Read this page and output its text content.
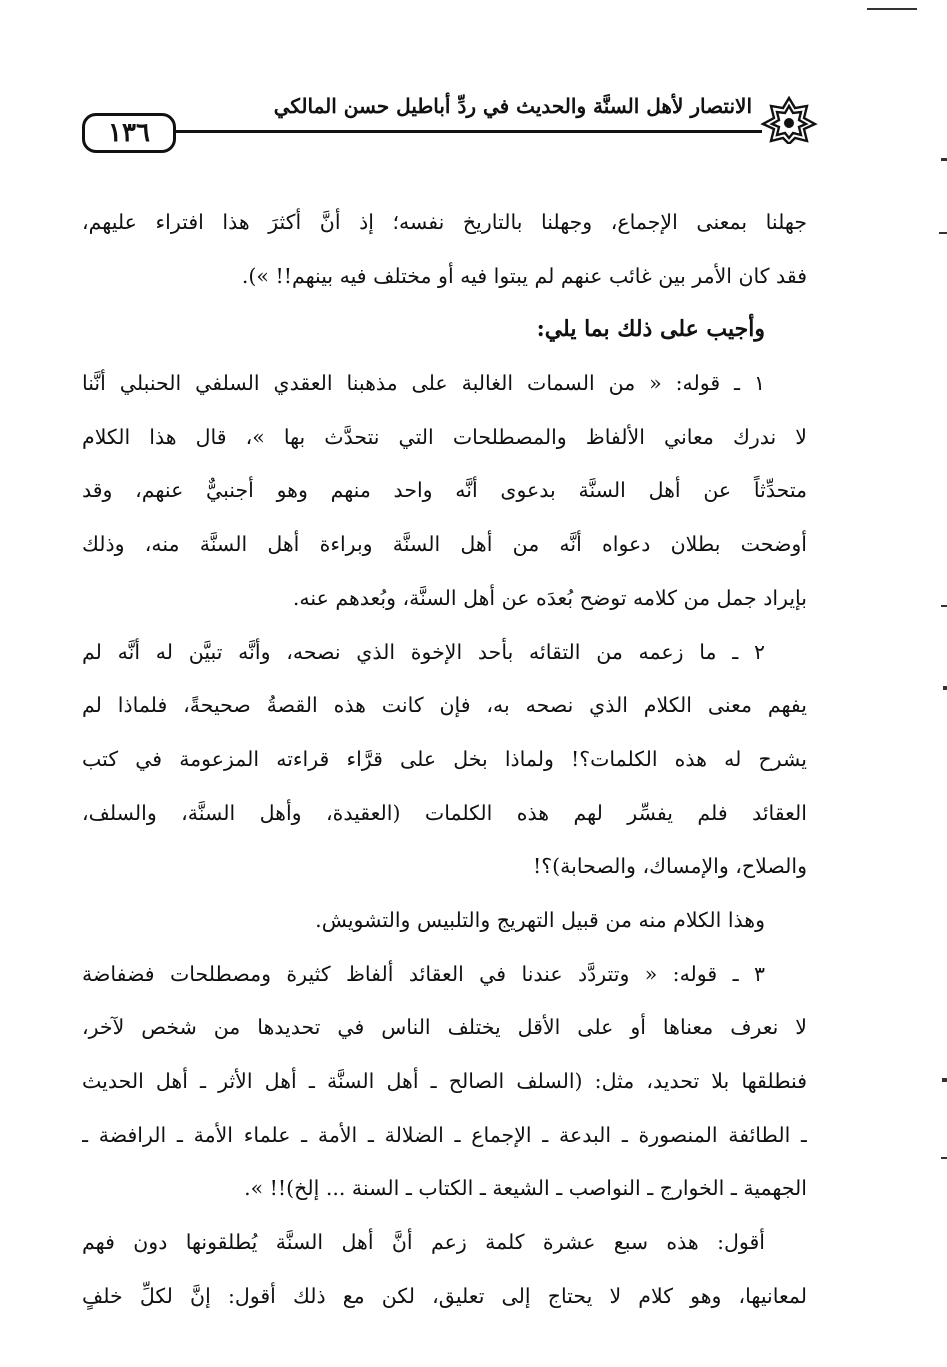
الانتصار لأهل السنَّة والحديث في ردِّ أباطيل حسن المالكي
١٣٦
جهلنا بمعنى الإجماع، وجهلنا بالتاريخ نفسه؛ إذ أنَّ أكثرَ هذا افتراء عليهم،
فقد كان الأمر بين غائب عنهم لم يبتوا فيه أو مختلف فيه بينهم!! »).
وأجيب على ذلك بما يلي:
١ ـ قوله: « من السمات الغالبة على مذهبنا العقدي السلفي الحنبلي أنَّنا
لا ندرك معاني الألفاظ والمصطلحات التي نتحدَّث بها »، قال هذا الكلام
متحدِّثاً عن أهل السنَّة بدعوى أنَّه واحد منهم وهو أجنبيٌّ عنهم، وقد
أوضحت بطلان دعواه أنَّه من أهل السنَّة وبراءة أهل السنَّة منه، وذلك
بإيراد جمل من كلامه توضح بُعدَه عن أهل السنَّة، وبُعدهم عنه.
٢ ـ ما زعمه من التقائه بأحد الإخوة الذي نصحه، وأنَّه تبيَّن له أنَّه لم
يفهم معنى الكلام الذي نصحه به، فإن كانت هذه القصةُ صحيحةً، فلماذا لم
يشرح له هذه الكلمات؟! ولماذا بخل على قرَّاء قراءته المزعومة في كتب
العقائد فلم يفسِّر لهم هذه الكلمات (العقيدة، وأهل السنَّة، والسلف،
والصلاح، والإمساك، والصحابة)؟!
وهذا الكلام منه من قبيل التهريج والتلبيس والتشويش.
٣ ـ قوله: « وتتردَّد عندنا في العقائد ألفاظ كثيرة ومصطلحات فضفاضة
لا نعرف معناها أو على الأقل يختلف الناس في تحديدها من شخص لآخر،
فنطلقها بلا تحديد، مثل: (السلف الصالح ـ أهل السنَّة ـ أهل الأثر ـ أهل الحديث
ـ الطائفة المنصورة ـ البدعة ـ الإجماع ـ الضلالة ـ الأمة ـ علماء الأمة ـ الرافضة ـ
الجهمية ـ الخوارج ـ النواصب ـ الشيعة ـ الكتاب ـ السنة ... إلخ)!! ».
أقول: هذه سبع عشرة كلمة زعم أنَّ أهل السنَّة يُطلقونها دون فهم
لمعانيها، وهو كلام لا يحتاج إلى تعليق، لكن مع ذلك أقول: إنَّ لكلِّ خلفٍ
